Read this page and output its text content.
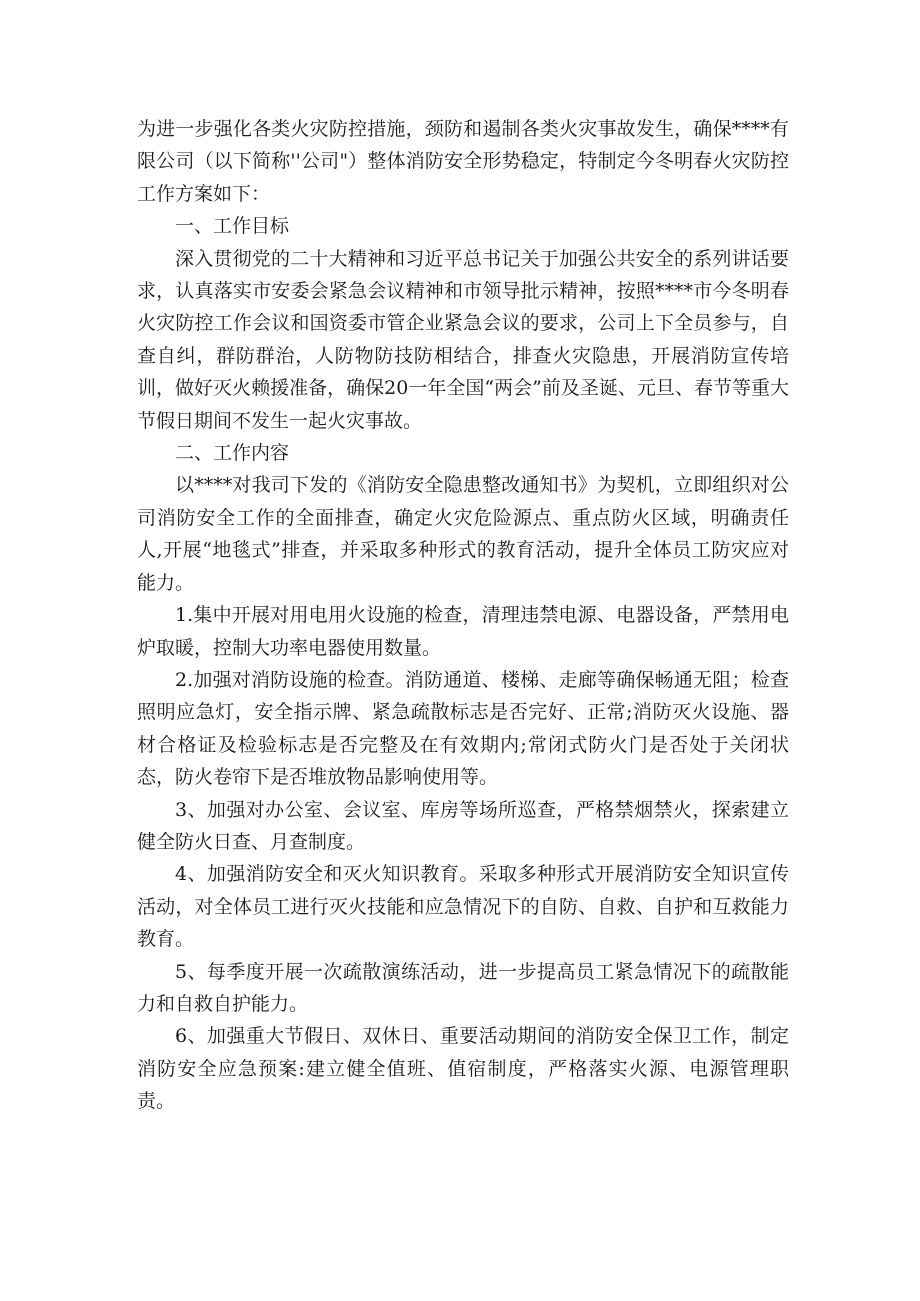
为进一步强化各类火灾防控措施，颈防和遏制各类火灾事故发生，确保****有限公司（以下简称''公司"）整体消防安全形势稳定，特制定今冬明春火灾防控工作方案如下：

一、工作目标

深入贯彻党的二十大精神和习近平总书记关于加强公共安全的系列讲话要求，认真落实市安委会紧急会议精神和市领导批示精神，按照****市今冬明春火灾防控工作会议和国资委市管企业紧急会议的要求，公司上下全员参与，自查自纠，群防群治，人防物防技防相结合，排查火灾隐患，开展消防宣传培训，做好灭火赖援准备，确保20一年全国“两会”前及圣诞、元旦、春节等重大节假日期间不发生一起火灾事故。

二、工作内容

以****对我司下发的《消防安全隐患整改通知书》为契机，立即组织对公司消防安全工作的全面排查，确定火灾危险源点、重点防火区域，明确责任人,开展“地毯式”排查，并采取多种形式的教育活动，提升全体员工防灾应对能力。

1.集中开展对用电用火设施的检查，清理违禁电源、电器设备，严禁用电炉取暖，控制大功率电器使用数量。

2.加强对消防设施的检查。消防通道、楼梯、走廊等确保畅通无阻；检查照明应急灯，安全指示牌、紧急疏散标志是否完好、正常;消防灭火设施、器材合格证及检验标志是否完整及在有效期内;常闭式防火门是否处于关闭状态，防火卷帘下是否堆放物品影响使用等。

3、加强对办公室、会议室、库房等场所巡查，严格禁烟禁火，探索建立健全防火日查、月查制度。

4、加强消防安全和灭火知识教育。采取多种形式开展消防安全知识宣传活动，对全体员工进行灭火技能和应急情况下的自防、自救、自护和互救能力教育。

5、每季度开展一次疏散演练活动，进一步提高员工紧急情况下的疏散能力和自救自护能力。

6、加强重大节假日、双休日、重要活动期间的消防安全保卫工作，制定消防安全应急预案:建立健全值班、值宿制度，严格落实火源、电源管理职责。
